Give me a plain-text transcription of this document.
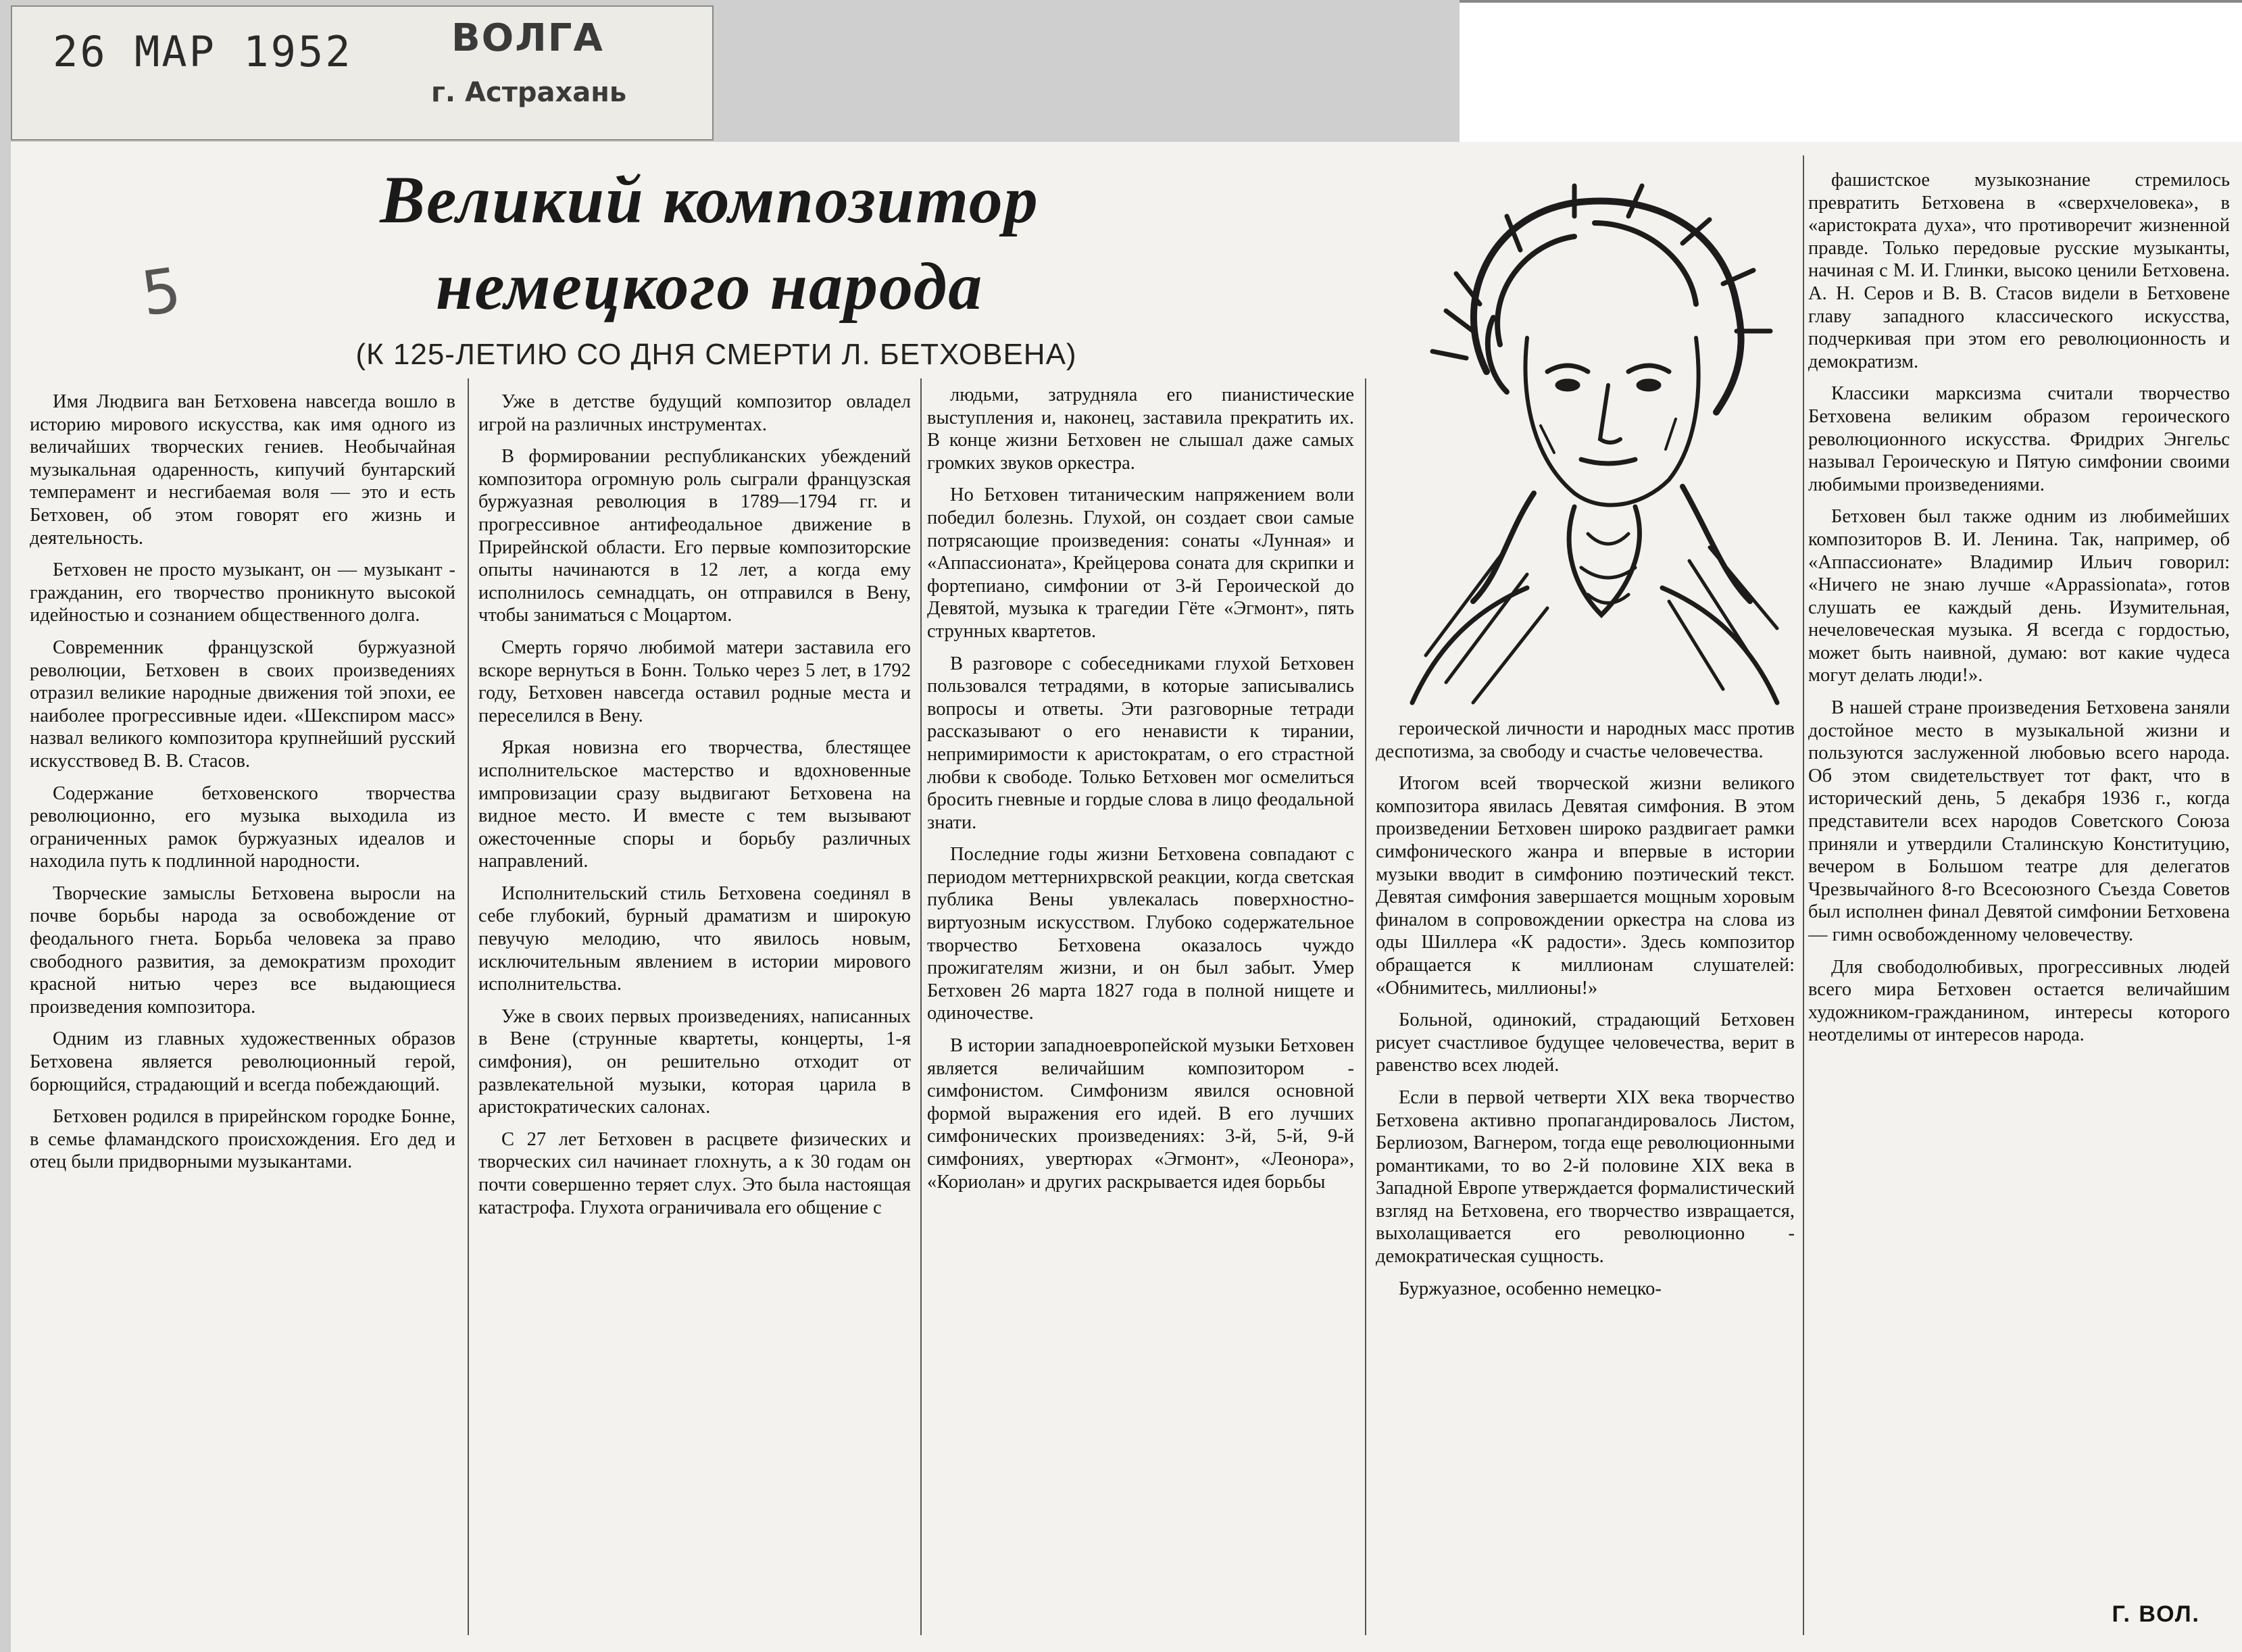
26 МАР 1952	ВОЛГА
г. Астрахань
Великий композитор
немецкого народа
5
(К 125-ЛЕТИЮ СО ДНЯ СМЕРТИ Л. БЕТХОВЕНА)

Имя Людвига ван Бетховена навсегда вошло в историю мирового искусства, как имя одного из величайших творческих гениев. Необычайная музыкальная одаренность, кипучий бунтарский темперамент и несгибаемая воля — это и есть Бетховен, об этом говорят его жизнь и деятельность.

Бетховен не просто музыкант, он — музыкант - гражданин, его творчество проникнуто высокой идейностью и сознанием общественного долга.

Современник французской буржуазной революции, Бетховен в своих произведениях отразил великие народные движения той эпохи, ее наиболее прогрессивные идеи. «Шекспиром масс» назвал великого композитора крупнейший русский искусствовед В. В. Стасов.

Содержание бетховенского творчества революционно, его музыка выходила из ограниченных рамок буржуазных идеалов и находила путь к подлинной народности.

Творческие замыслы Бетховена выросли на почве борьбы народа за освобождение от феодального гнета. Борьба человека за право свободного развития, за демократизм проходит красной нитью через все выдающиеся произведения композитора.

Одним из главных художественных образов Бетховена является революционный герой, борющийся, страдающий и всегда побеждающий.

Бетховен родился в прирейнском городке Бонне, в семье фламандского происхождения. Его дед и отец были придворными музыкантами.

Уже в детстве будущий композитор овладел игрой на различных инструментах.

В формировании республиканских убеждений композитора огромную роль сыграли французская буржуазная революция в 1789—1794 гг. и прогрессивное антифеодальное движение в Прирейнской области. Его первые композиторские опыты начинаются в 12 лет, а когда ему исполнилось семнадцать, он отправился в Вену, чтобы заниматься с Моцартом.

Смерть горячо любимой матери заставила его вскоре вернуться в Бонн. Только через 5 лет, в 1792 году, Бетховен навсегда оставил родные места и переселился в Вену.

Яркая новизна его творчества, блестящее исполнительское мастерство и вдохновенные импровизации сразу выдвигают Бетховена на видное место. И вместе с тем вызывают ожесточенные споры и борьбу различных направлений.

Исполнительский стиль Бетховена соединял в себе глубокий, бурный драматизм и широкую певучую мелодию, что явилось новым, исключительным явлением в истории мирового исполнительства.

Уже в своих первых произведениях, написанных в Вене (струнные квартеты, концерты, 1-я симфония), он решительно отходит от развлекательной музыки, которая царила в аристократических салонах.

С 27 лет Бетховен в расцвете физических и творческих сил начинает глохнуть, а к 30 годам он почти совершенно теряет слух. Это была настоящая катастрофа. Глухота ограничивала его общение с

людьми, затрудняла его пианистические выступления и, наконец, заставила прекратить их. В конце жизни Бетховен не слышал даже самых громких звуков оркестра.

Но Бетховен титаническим напряжением воли победил болезнь. Глухой, он создает свои самые потрясающие произведения: сонаты «Лунная» и «Аппассионата», Крейцерова соната для скрипки и фортепиано, симфонии от 3-й Героической до Девятой, музыка к трагедии Гёте «Эгмонт», пять струнных квартетов.

В разговоре с собеседниками глухой Бетховен пользовался тетрадями, в которые записывались вопросы и ответы. Эти разговорные тетради рассказывают о его ненависти к тирании, непримиримости к аристократам, о его страстной любви к свободе. Только Бетховен мог осмелиться бросить гневные и гордые слова в лицо феодальной знати.

Последние годы жизни Бетховена совпадают с периодом меттернихрвской реакции, когда светская публика Вены увлекалась поверхностно-виртуозным искусством. Глубоко содержательное творчество Бетховена оказалось чуждо прожигателям жизни, и он был забыт. Умер Бетховен 26 марта 1827 года в полной нищете и одиночестве.

В истории западноевропейской музыки Бетховен является величайшим композитором - симфонистом. Симфонизм явился основной формой выражения его идей. В его лучших симфонических произведениях: 3-й, 5-й, 9-й симфониях, увертюрах «Эгмонт», «Леонора», «Кориолан» и других раскрывается идея борьбы

героической личности и народных масс против деспотизма, за свободу и счастье человечества.

Итогом всей творческой жизни великого композитора явилась Девятая симфония. В этом произведении Бетховен широко раздвигает рамки симфонического жанра и впервые в истории музыки вводит в симфонию поэтический текст. Девятая симфония завершается мощным хоровым финалом в сопровождении оркестра на слова из оды Шиллера «К радости». Здесь композитор обращается к миллионам слушателей: «Обнимитесь, миллионы!»

Больной, одинокий, страдающий Бетховен рисует счастливое будущее человечества, верит в равенство всех людей.

Если в первой четверти XIX века творчество Бетховена активно пропагандировалось Листом, Берлиозом, Вагнером, тогда еще революционными романтиками, то во 2-й половине XIX века в Западной Европе утверждается формалистический взгляд на Бетховена, его творчество извращается, выхолащивается его революционно - демократическая сущность.

Буржуазное, особенно немецко-

фашистское музыкознание стремилось превратить Бетховена в «сверхчеловека», в «аристократа духа», что противоречит жизненной правде. Только передовые русские музыканты, начиная с М. И. Глинки, высоко ценили Бетховена. А. Н. Серов и В. В. Стасов видели в Бетховене главу западного классического искусства, подчеркивая при этом его революционность и демократизм.

Классики марксизма считали творчество Бетховена великим образом героического революционного искусства. Фридрих Энгельс называл Героическую и Пятую симфонии своими любимыми произведениями.

Бетховен был также одним из любимейших композиторов В. И. Ленина. Так, например, об «Аппассионате» Владимир Ильич говорил: «Ничего не знаю лучше «Appassionata», готов слушать ее каждый день. Изумительная, нечеловеческая музыка. Я всегда с гордостью, может быть наивной, думаю: вот какие чудеса могут делать люди!».

В нашей стране произведения Бетховена заняли достойное место в музыкальной жизни и пользуются заслуженной любовью всего народа. Об этом свидетельствует тот факт, что в исторический день, 5 декабря 1936 г., когда представители всех народов Советского Союза приняли и утвердили Сталинскую Конституцию, вечером в Большом театре для делегатов Чрезвычайного 8-го Всесоюзного Съезда Советов был исполнен финал Девятой симфонии Бетховена — гимн освобожденному человечеству.

Для свободолюбивых, прогрессивных людей всего мира Бетховен остается величайшим художником-гражданином, интересы которого неотделимы от интересов народа.

Г. ВОЛ.
